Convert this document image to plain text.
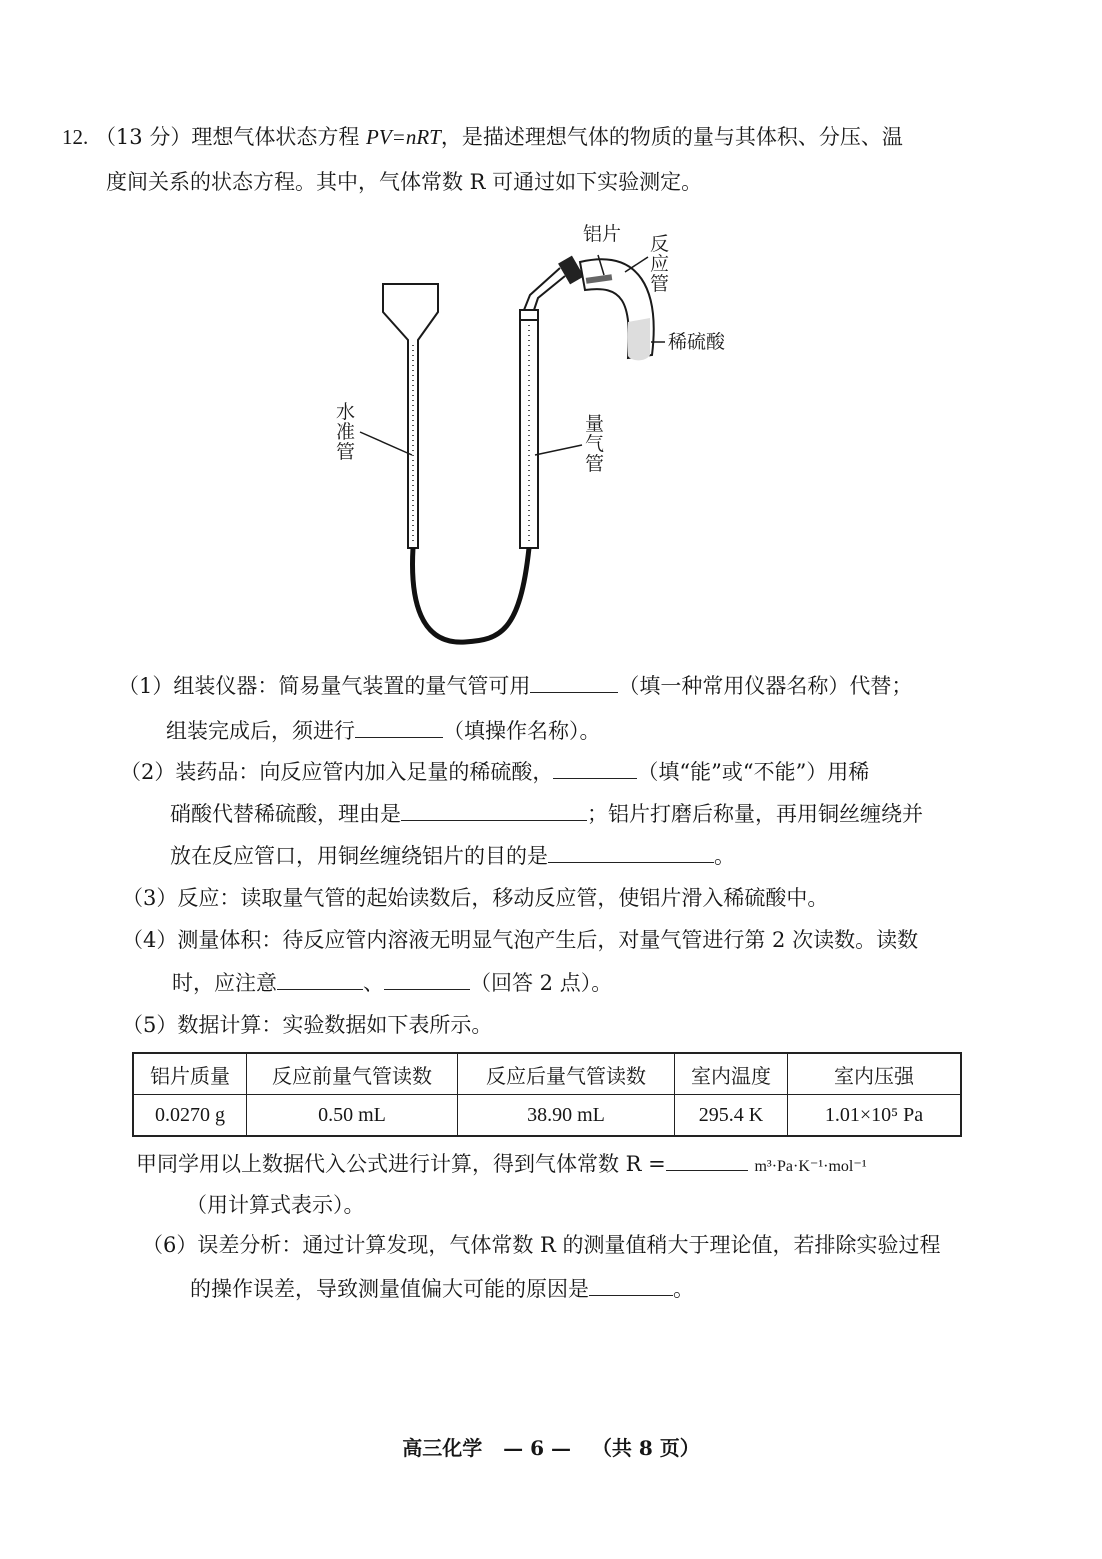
12. （13 分）理想气体状态方程 PV=nRT，是描述理想气体的物质的量与其体积、分压、温
度间关系的状态方程。其中，气体常数 R 可通过如下实验测定。
铝片 反
应
管
稀硫酸
水
准
管
量
气
管
（1）组装仪器：简易量气装置的量气管可用	（填一种常用仪器名称）代替；
组装完成后，须进行	（填操作名称）。
（2）装药品：向反应管内加入足量的稀硫酸，	（填“能”或“不能”）用稀
硝酸代替稀硫酸，理由是	；铝片打磨后称量，再用铜丝缠绕并
放在反应管口，用铜丝缠绕铝片的目的是	。
（3）反应：读取量气管的起始读数后，移动反应管，使铝片滑入稀硫酸中。
（4）测量体积：待反应管内溶液无明显气泡产生后，对量气管进行第 2 次读数。读数
时，应注意	、	（回答 2 点）。
（5）数据计算：实验数据如下表所示。
铝片质量	反应前量气管读数	反应后量气管读数	室内温度	室内压强
0.0270 g	0.50 mL	38.90 mL	295.4 K	1.01×10⁵ Pa
甲同学用以上数据代入公式进行计算，得到气体常数 R =	m³·Pa·K⁻¹·mol⁻¹
（用计算式表示）。
（6）误差分析：通过计算发现，气体常数 R 的测量值稍大于理论值，若排除实验过程
的操作误差，导致测量值偏大可能的原因是	。
高三化学 — 6 — （共 8 页）
